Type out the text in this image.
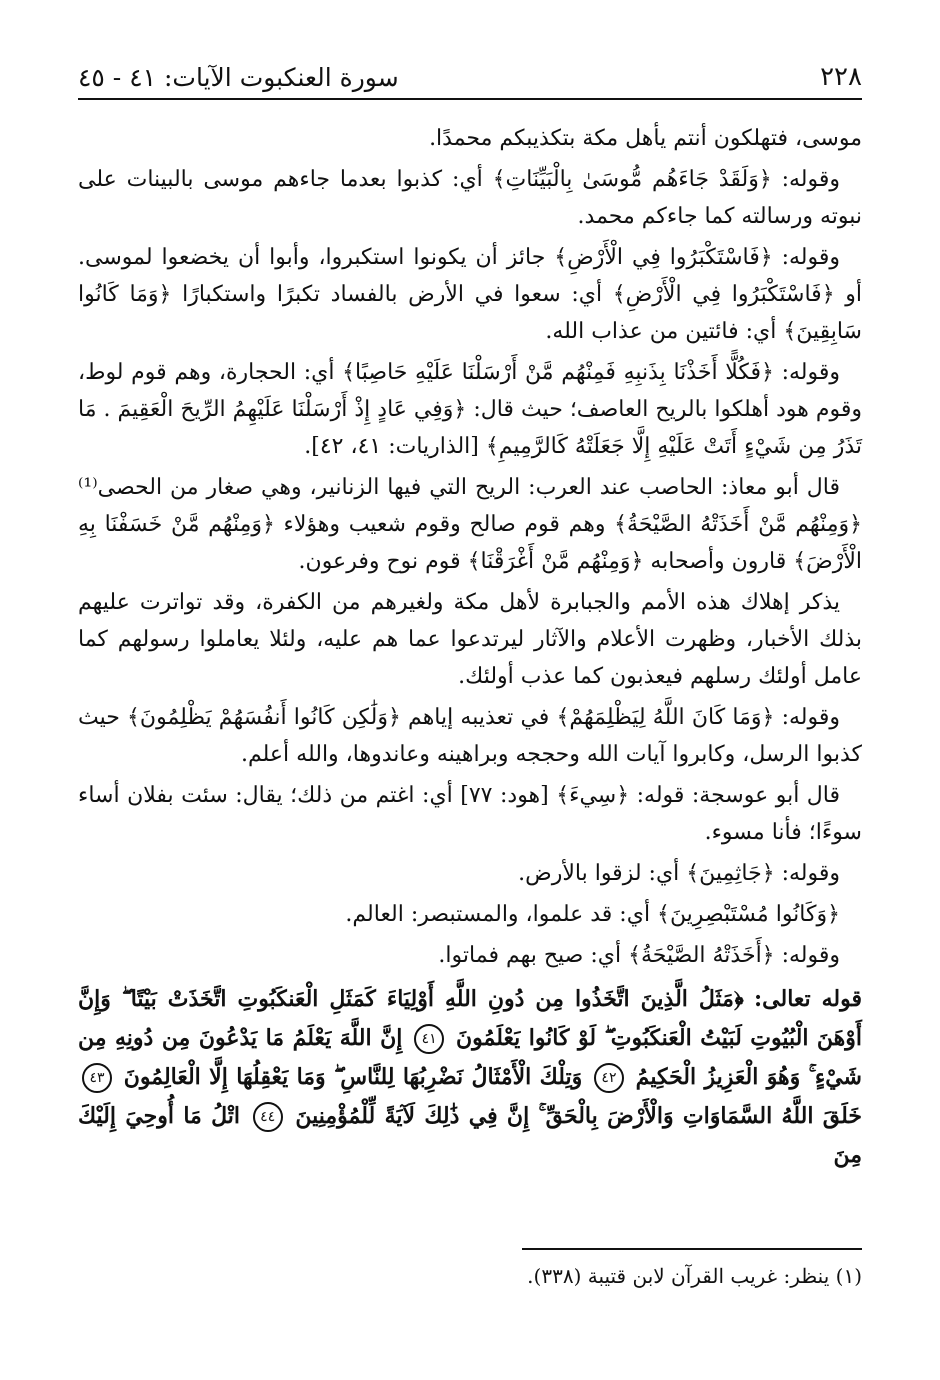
٢٢٨
سورة العنكبوت الآيات: ٤١ - ٤٥

موسى، فتهلكون أنتم يأهل مكة بتكذيبكم محمدًا.

وقوله: ﴿وَلَقَدْ جَاءَهُم مُّوسَىٰ بِالْبَيِّنَاتِ﴾ أي: كذبوا بعدما جاءهم موسى بالبينات على نبوته ورسالته كما جاءكم محمد.

وقوله: ﴿فَاسْتَكْبَرُوا فِي الْأَرْضِ﴾ جائز أن يكونوا استكبروا، وأبوا أن يخضعوا لموسى. أو ﴿فَاسْتَكْبَرُوا فِي الْأَرْضِ﴾ أي: سعوا في الأرض بالفساد تكبرًا واستكبارًا ﴿وَمَا كَانُوا سَابِقِينَ﴾ أي: فائتين من عذاب الله.

وقوله: ﴿فَكُلًّا أَخَذْنَا بِذَنبِهِ فَمِنْهُم مَّنْ أَرْسَلْنَا عَلَيْهِ حَاصِبًا﴾ أي: الحجارة، وهم قوم لوط، وقوم هود أهلكوا بالريح العاصف؛ حيث قال: ﴿وَفِي عَادٍ إِذْ أَرْسَلْنَا عَلَيْهِمُ الرِّيحَ الْعَقِيمَ . مَا تَذَرُ مِن شَيْءٍ أَتَتْ عَلَيْهِ إِلَّا جَعَلَتْهُ كَالرَّمِيمِ﴾ [الذاريات: ٤١، ٤٢].

قال أبو معاذ: الحاصب عند العرب: الريح التي فيها الزنانير، وهي صغار من الحصى⁽¹⁾ ﴿وَمِنْهُم مَّنْ أَخَذَتْهُ الصَّيْحَةُ﴾ وهم قوم صالح وقوم شعيب وهؤلاء ﴿وَمِنْهُم مَّنْ خَسَفْنَا بِهِ الْأَرْضَ﴾ قارون وأصحابه ﴿وَمِنْهُم مَّنْ أَغْرَقْنَا﴾ قوم نوح وفرعون.

يذكر إهلاك هذه الأمم والجبابرة لأهل مكة ولغيرهم من الكفرة، وقد تواترت عليهم بذلك الأخبار، وظهرت الأعلام والآثار ليرتدعوا عما هم عليه، ولئلا يعاملوا رسولهم كما عامل أولئك رسلهم فيعذبون كما عذب أولئك.

وقوله: ﴿وَمَا كَانَ اللَّهُ لِيَظْلِمَهُمْ﴾ في تعذيبه إياهم ﴿وَلَٰكِن كَانُوا أَنفُسَهُمْ يَظْلِمُونَ﴾ حيث كذبوا الرسل، وكابروا آيات الله وحججه وبراهينه وعاندوها، والله أعلم.

قال أبو عوسجة: قوله: ﴿سِيءَ﴾ [هود: ٧٧] أي: اغتم من ذلك؛ يقال: سئت بفلان أساء سوءًا؛ فأنا مسوء.

وقوله: ﴿جَاثِمِينَ﴾ أي: لزقوا بالأرض.

﴿وَكَانُوا مُسْتَبْصِرِينَ﴾ أي: قد علموا، والمستبصر: العالم.

وقوله: ﴿أَخَذَتْهُ الصَّيْحَةُ﴾ أي: صيح بهم فماتوا.

قوله تعالى: ﴿مَثَلُ الَّذِينَ اتَّخَذُوا مِن دُونِ اللَّهِ أَوْلِيَاءَ كَمَثَلِ الْعَنكَبُوتِ اتَّخَذَتْ بَيْتًا ۖ وَإِنَّ أَوْهَنَ الْبُيُوتِ لَبَيْتُ الْعَنكَبُوتِ ۖ لَوْ كَانُوا يَعْلَمُونَ ٤١ إِنَّ اللَّهَ يَعْلَمُ مَا يَدْعُونَ مِن دُونِهِ مِن شَيْءٍ ۚ وَهُوَ الْعَزِيزُ الْحَكِيمُ ٤٢ وَتِلْكَ الْأَمْثَالُ نَضْرِبُهَا لِلنَّاسِ ۖ وَمَا يَعْقِلُهَا إِلَّا الْعَالِمُونَ ٤٣ خَلَقَ اللَّهُ السَّمَاوَاتِ وَالْأَرْضَ بِالْحَقِّ ۚ إِنَّ فِي ذَٰلِكَ لَآيَةً لِّلْمُؤْمِنِينَ ٤٤ اتْلُ مَا أُوحِيَ إِلَيْكَ مِنَ
(١) ينظر: غريب القرآن لابن قتيبة (٣٣٨).
